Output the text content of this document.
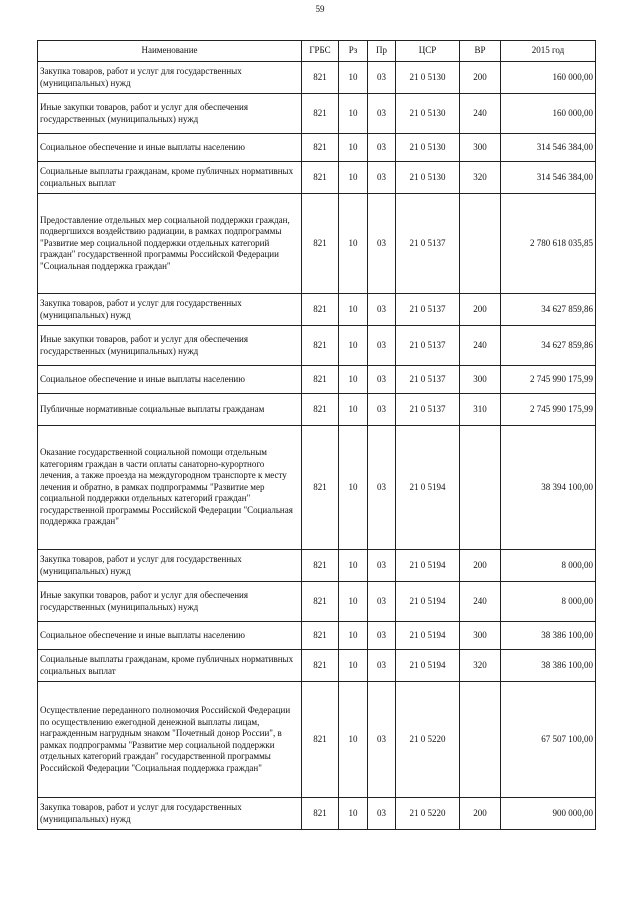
59
Наименование	ГРБС	Рз	Пр	ЦСР	ВР	2015 год
Закупка товаров, работ и услуг для государственных (муниципальных) нужд	821	10	03	21 0 5130	200	160 000,00
Иные закупки товаров, работ и услуг для обеспечения государственных (муниципальных) нужд	821	10	03	21 0 5130	240	160 000,00
Социальное обеспечение и иные выплаты населению	821	10	03	21 0 5130	300	314 546 384,00
Социальные выплаты гражданам, кроме публичных нормативных социальных выплат	821	10	03	21 0 5130	320	314 546 384,00
Предоставление отдельных мер социальной поддержки граждан, подвергшихся воздействию радиации, в рамках подпрограммы "Развитие мер социальной поддержки отдельных категорий граждан" государственной программы Российской Федерации "Социальная поддержка граждан"	821	10	03	21 0 5137		2 780 618 035,85
Закупка товаров, работ и услуг для государственных (муниципальных) нужд	821	10	03	21 0 5137	200	34 627 859,86
Иные закупки товаров, работ и услуг для обеспечения государственных (муниципальных) нужд	821	10	03	21 0 5137	240	34 627 859,86
Социальное обеспечение и иные выплаты населению	821	10	03	21 0 5137	300	2 745 990 175,99
Публичные нормативные социальные выплаты гражданам	821	10	03	21 0 5137	310	2 745 990 175,99
Оказание государственной социальной помощи отдельным категориям граждан в части оплаты санаторно-курортного лечения, а также проезда на междугородном транспорте к месту лечения и обратно, в рамках подпрограммы "Развитие мер социальной поддержки отдельных категорий граждан" государственной программы Российской Федерации "Социальная поддержка граждан"	821	10	03	21 0 5194		38 394 100,00
Закупка товаров, работ и услуг для государственных (муниципальных) нужд	821	10	03	21 0 5194	200	8 000,00
Иные закупки товаров, работ и услуг для обеспечения государственных (муниципальных) нужд	821	10	03	21 0 5194	240	8 000,00
Социальное обеспечение и иные выплаты населению	821	10	03	21 0 5194	300	38 386 100,00
Социальные выплаты гражданам, кроме публичных нормативных социальных выплат	821	10	03	21 0 5194	320	38 386 100,00
Осуществление переданного полномочия Российской Федерации по осуществлению ежегодной денежной выплаты лицам, награжденным нагрудным знаком "Почетный донор России", в рамках подпрограммы "Развитие мер социальной поддержки отдельных категорий граждан" государственной программы Российской Федерации "Социальная поддержка граждан"	821	10	03	21 0 5220		67 507 100,00
Закупка товаров, работ и услуг для государственных (муниципальных) нужд	821	10	03	21 0 5220	200	900 000,00
